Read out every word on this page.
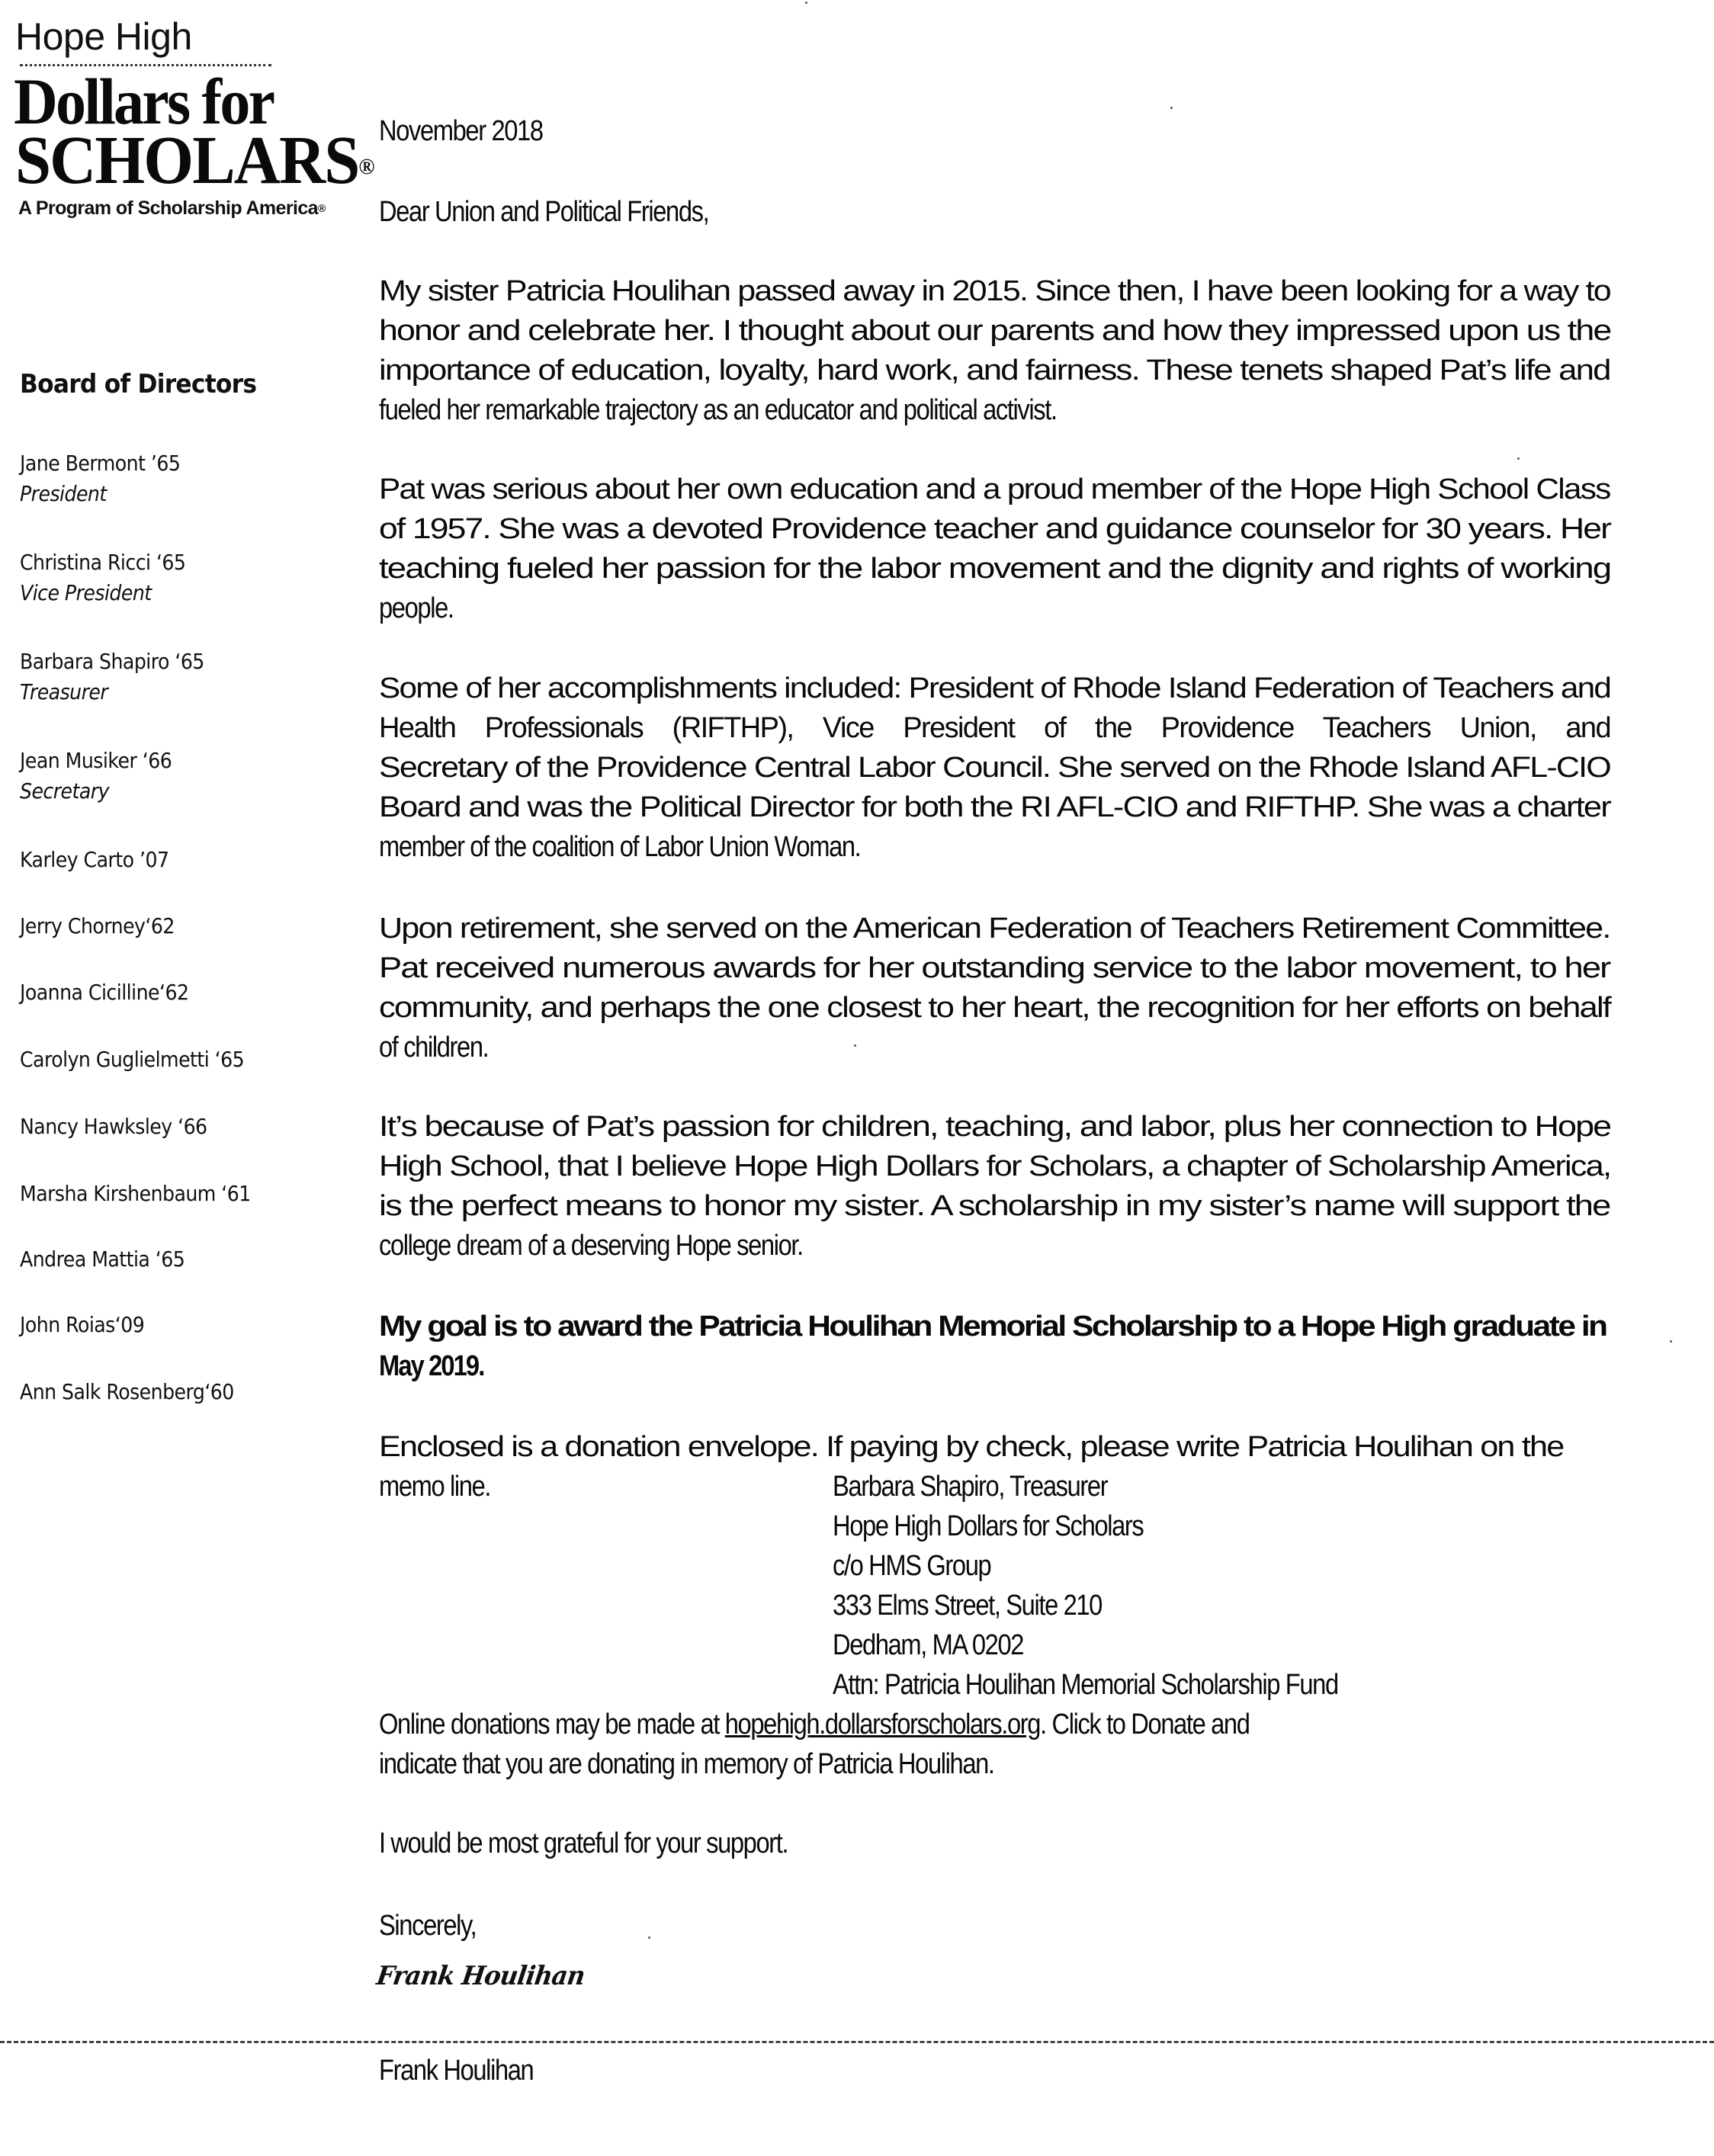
Hope High
Dollars for
SCHOLARS®
A Program of Scholarship America®
Board of Directors
Jane Bermont ’65
President
Christina Ricci ‘65
Vice President
Barbara Shapiro ‘65
Treasurer
Jean Musiker ‘66
Secretary
Karley Carto ’07
Jerry Chorney‘62
Joanna Cicilline‘62
Carolyn Guglielmetti ‘65
Nancy Hawksley ‘66
Marsha Kirshenbaum ‘61
Andrea Mattia ‘65
John Roias‘09
Ann Salk Rosenberg‘60
November 2018
Dear Union and Political Friends,
My sister Patricia Houlihan passed away in 2015. Since then, I have been looking for a way to
honor and celebrate her. I thought about our parents and how they impressed upon us the
importance of education, loyalty, hard work, and fairness. These tenets shaped Pat’s life and
fueled her remarkable trajectory as an educator and political activist.
Pat was serious about her own education and a proud member of the Hope High School Class
of 1957. She was a devoted Providence teacher and guidance counselor for 30 years. Her
teaching fueled her passion for the labor movement and the dignity and rights of working
people.
Some of her accomplishments included: President of Rhode Island Federation of Teachers and
Health Professionals (RIFTHP), Vice President of the Providence Teachers Union, and
Secretary of the Providence Central Labor Council. She served on the Rhode Island AFL-CIO
Board and was the Political Director for both the RI AFL-CIO and RIFTHP. She was a charter
member of the coalition of Labor Union Woman.
Upon retirement, she served on the American Federation of Teachers Retirement Committee.
Pat received numerous awards for her outstanding service to the labor movement, to her
community, and perhaps the one closest to her heart, the recognition for her efforts on behalf
of children.
It’s because of Pat’s passion for children, teaching, and labor, plus her connection to Hope
High School, that I believe Hope High Dollars for Scholars, a chapter of Scholarship America,
is the perfect means to honor my sister. A scholarship in my sister’s name will support the
college dream of a deserving Hope senior.
My goal is to award the Patricia Houlihan Memorial Scholarship to a Hope High graduate in
May 2019.
Enclosed is a donation envelope. If paying by check, please write Patricia Houlihan on the
memo line.	Barbara Shapiro, Treasurer
Hope High Dollars for Scholars
c/o HMS Group
333 Elms Street, Suite 210
Dedham, MA 0202
Attn: Patricia Houlihan Memorial Scholarship Fund
Online donations may be made at hopehigh.dollarsforscholars.org. Click to Donate and
indicate that you are donating in memory of Patricia Houlihan.
I would be most grateful for your support.
Sincerely,
Frank Houlihan
Frank Houlihan
